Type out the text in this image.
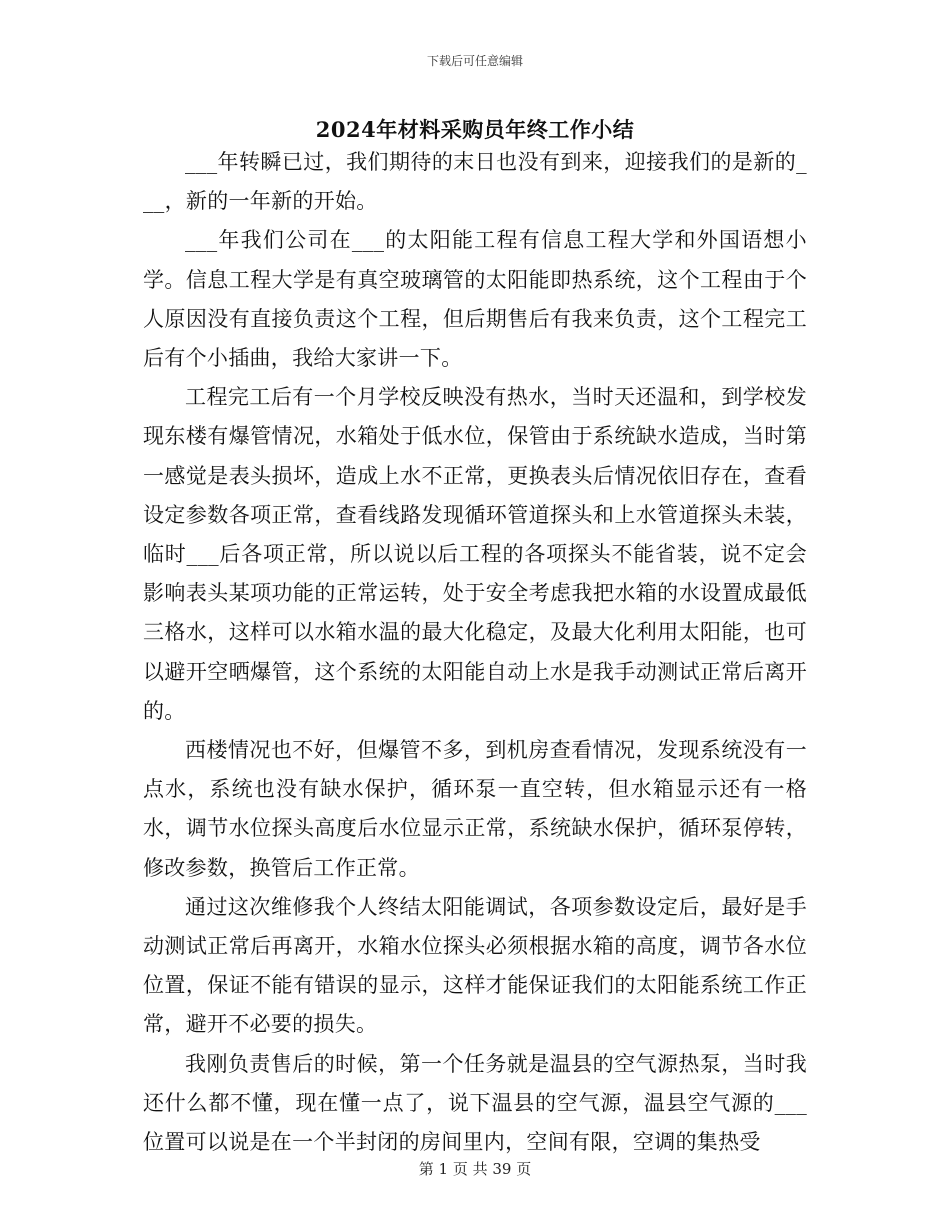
下载后可任意编辑
2024年材料采购员年终工作小结

___年转瞬已过，我们期待的末日也没有到来，迎接我们的是新的___，新的一年新的开始。

___年我们公司在___的太阳能工程有信息工程大学和外国语想小学。信息工程大学是有真空玻璃管的太阳能即热系统，这个工程由于个人原因没有直接负责这个工程，但后期售后有我来负责，这个工程完工后有个小插曲，我给大家讲一下。

工程完工后有一个月学校反映没有热水，当时天还温和，到学校发现东楼有爆管情况，水箱处于低水位，保管由于系统缺水造成，当时第一感觉是表头损坏，造成上水不正常，更换表头后情况依旧存在，查看设定参数各项正常，查看线路发现循环管道探头和上水管道探头未装，临时___后各项正常，所以说以后工程的各项探头不能省装，说不定会影响表头某项功能的正常运转，处于安全考虑我把水箱的水设置成最低三格水，这样可以水箱水温的最大化稳定，及最大化利用太阳能，也可以避开空晒爆管，这个系统的太阳能自动上水是我手动测试正常后离开的。

西楼情况也不好，但爆管不多，到机房查看情况，发现系统没有一点水，系统也没有缺水保护，循环泵一直空转，但水箱显示还有一格水，调节水位探头高度后水位显示正常，系统缺水保护，循环泵停转，修改参数，换管后工作正常。

通过这次维修我个人终结太阳能调试，各项参数设定后，最好是手动测试正常后再离开，水箱水位探头必须根据水箱的高度，调节各水位位置，保证不能有错误的显示，这样才能保证我们的太阳能系统工作正常，避开不必要的损失。

我刚负责售后的时候，第一个任务就是温县的空气源热泵，当时我还什么都不懂，现在懂一点了，说下温县的空气源，温县空气源的___位置可以说是在一个半封闭的房间里内，空间有限，空调的集热受

第 1 页 共 39 页
